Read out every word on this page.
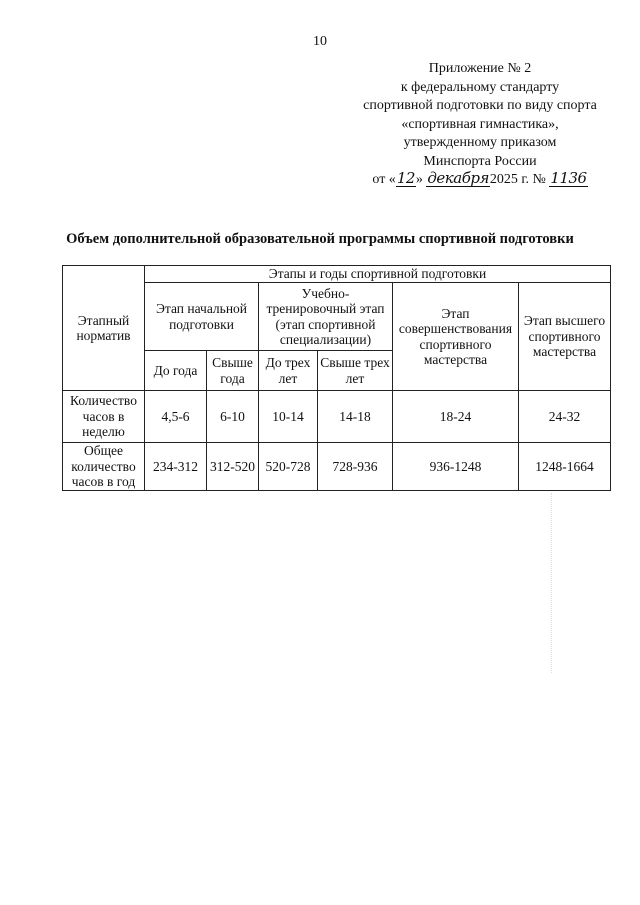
10
Приложение № 2
к федеральному стандарту
спортивной подготовки по виду спорта
«спортивная гимнастика»,
утвержденному приказом
Минспорта России
от «12» декабря2025 г. № 1136
Объем дополнительной образовательной программы спортивной подготовки
Этапный норматив	Этапы и годы спортивной подготовки					
	Этап начальной подготовки		Учебно-тренировочный этап (этап спортивной специализации)		Этап совершенствования спортивного мастерства	Этап высшего спортивного мастерства
	До года	Свыше года	До трех лет	Свыше трех лет		
Количество часов в неделю	4,5-6	6-10	10-14	14-18	18-24	24-32
Общее количество часов в год	234-312	312-520	520-728	728-936	936-1248	1248-1664
